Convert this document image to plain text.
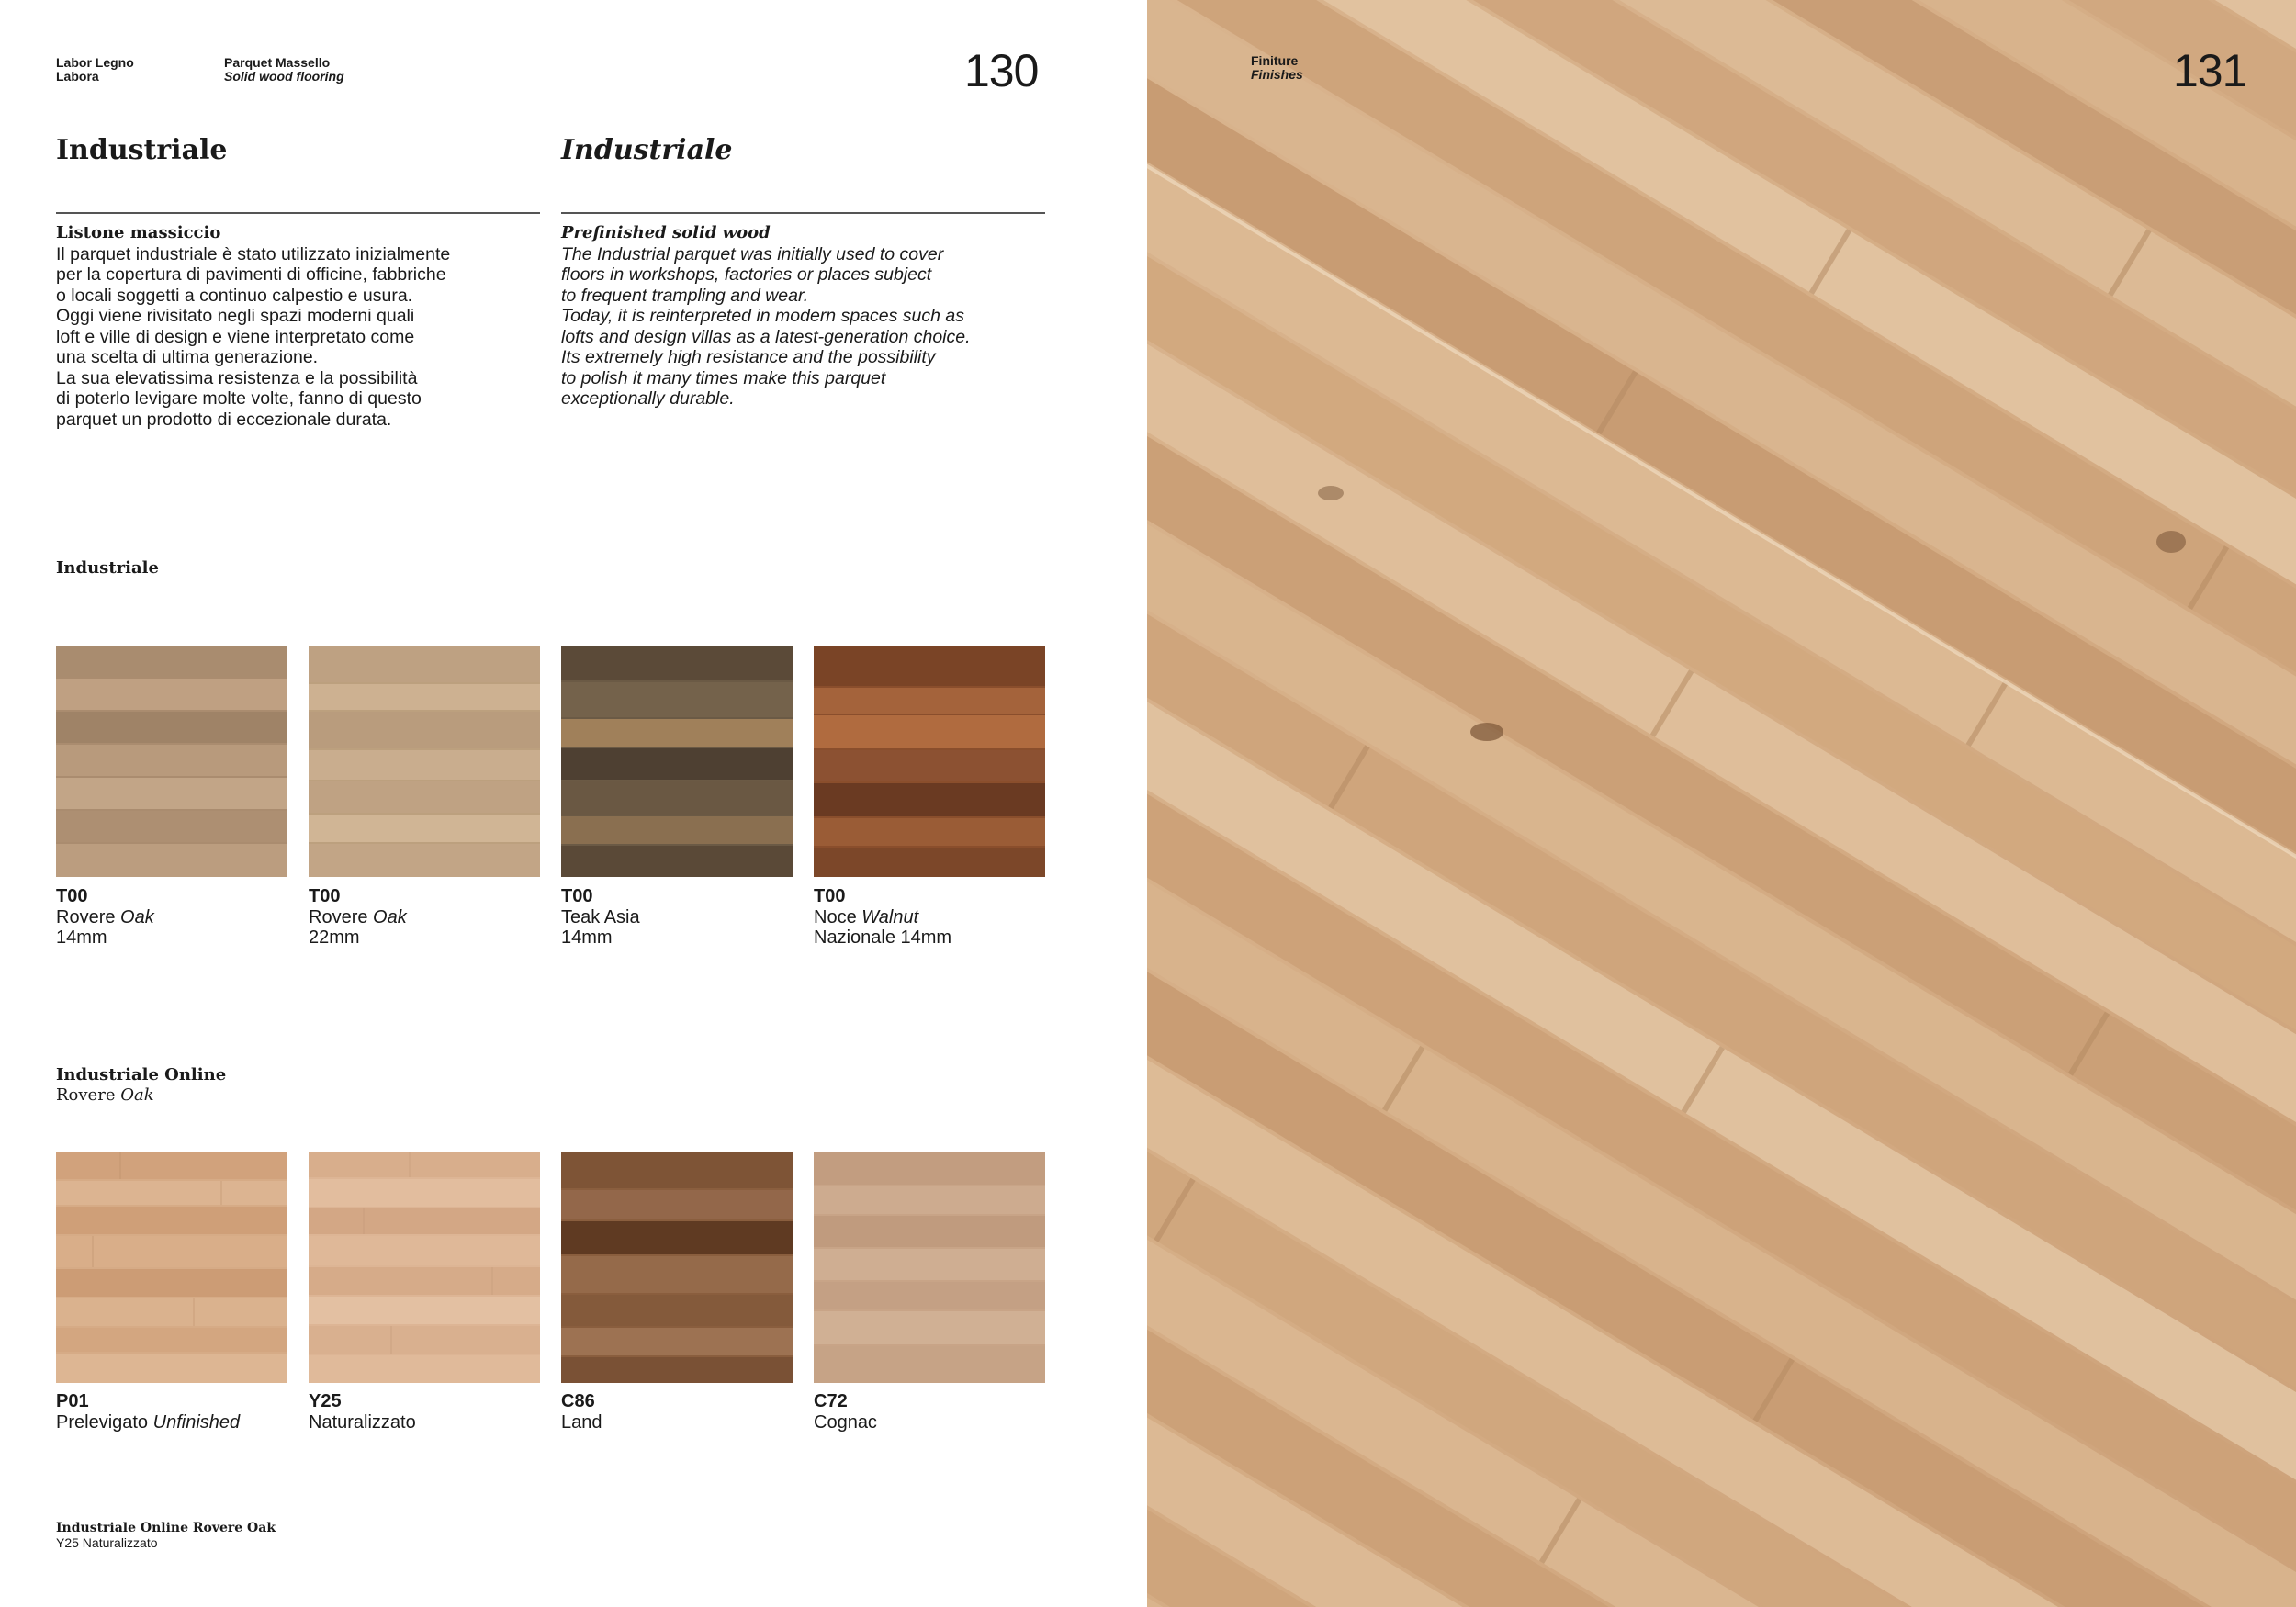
Labor Legno
Labora
Parquet Massello
Solid wood flooring	130
Industriale	Industriale
Listone massiccio
Il parquet industriale è stato utilizzato inizialmente
per la copertura di pavimenti di officine, fabbriche
o locali soggetti a continuo calpestio e usura.
Oggi viene rivisitato negli spazi moderni quali
loft e ville di design e viene interpretato come
una scelta di ultima generazione.
La sua elevatissima resistenza e la possibilità
di poterlo levigare molte volte, fanno di questo
parquet un prodotto di eccezionale durata.
Prefinished solid wood
The Industrial parquet was initially used to cover
floors in workshops, factories or places subject
to frequent trampling and wear.
Today, it is reinterpreted in modern spaces such as
lofts and design villas as a latest-generation choice.
Its extremely high resistance and the possibility
to polish it many times make this parquet
exceptionally durable.
Industriale
T00
Rovere Oak
14mm
T00
Rovere Oak
22mm
T00
Teak Asia
14mm
T00
Noce Walnut
Nazionale 14mm
Industriale Online
Rovere Oak
P01
Prelevigato Unfinished
Y25
Naturalizzato
C86
Land
C72
Cognac
Industriale Online Rovere Oak
Y25 Naturalizzato
131
Finiture
Finishes
